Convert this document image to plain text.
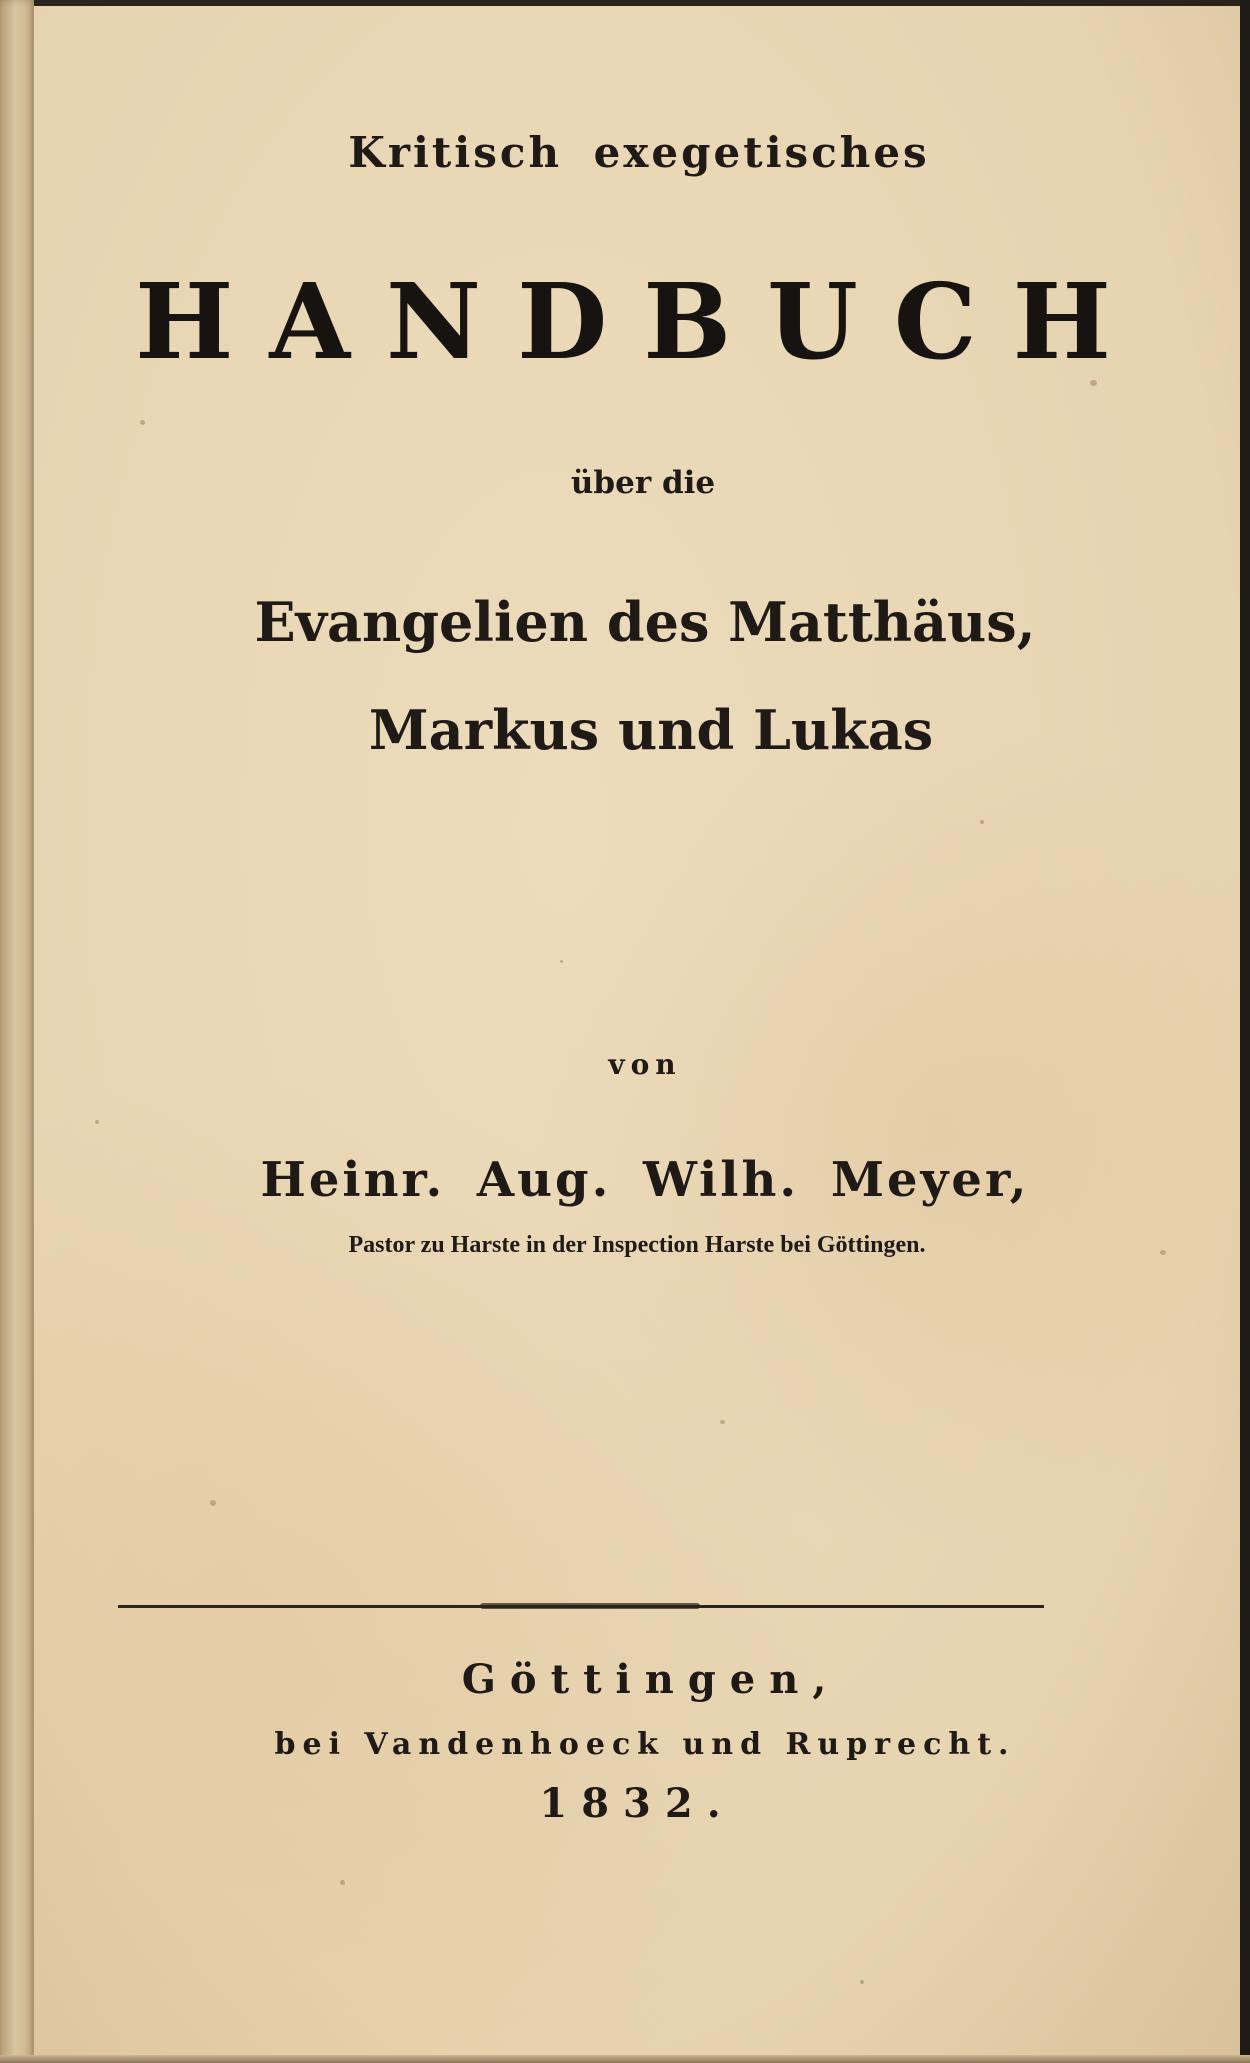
Kritisch exegetisches
HANDBUCH
über die
Evangelien des Matthäus,
Markus und Lukas
von
Heinr. Aug. Wilh. Meyer,
Pastor zu Harste in der Inspection Harste bei Göttingen.
Göttingen,
bei Vandenhoeck und Ruprecht.
1832.
